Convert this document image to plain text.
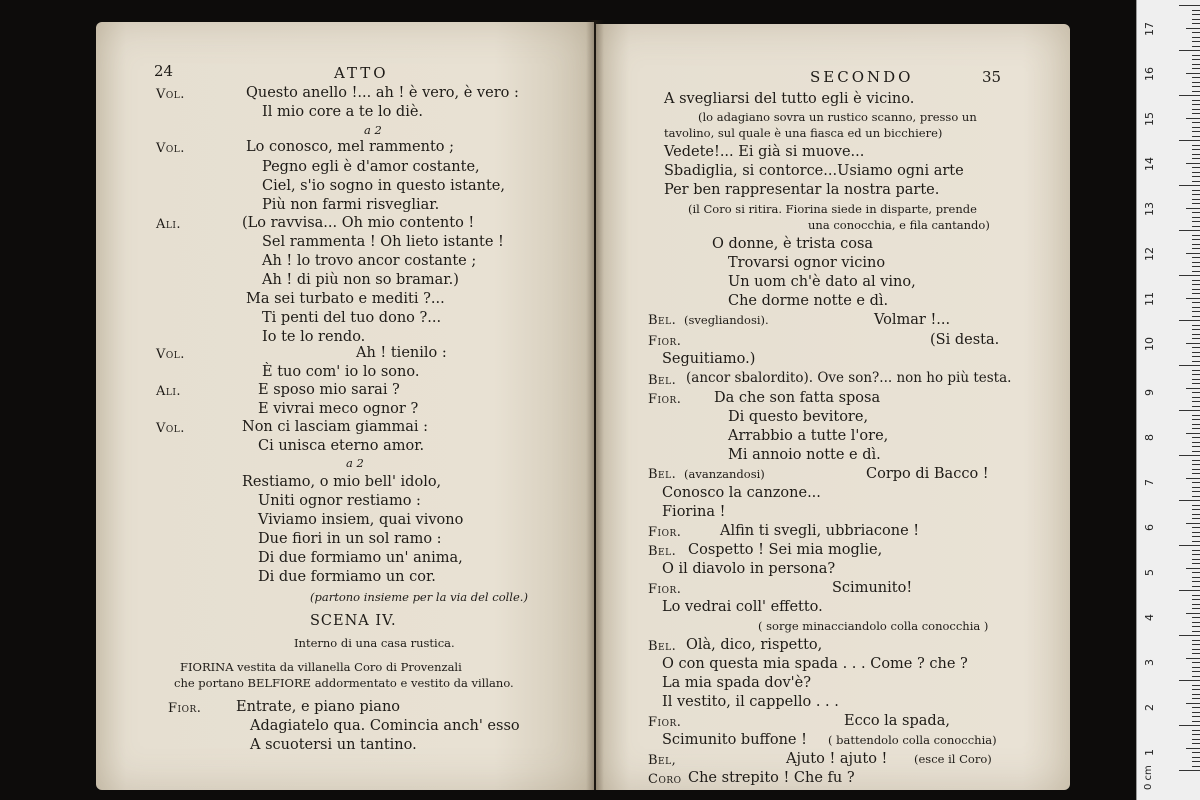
24	ATTO
Vol.	Questo anello !... ah ! è vero, è vero :
Il mio core a te lo diè.
a 2
Vol.	Lo conosco, mel rammento ;
Pegno egli è d'amor costante,
Ciel, s'io sogno in questo istante,
Più non farmi risvegliar.
Ali.	(Lo ravvisa... Oh mio contento !
Sel rammenta ! Oh lieto istante !
Ah ! lo trovo ancor costante ;
Ah ! di più non so bramar.)
Ma sei turbato e mediti ?...
Ti penti del tuo dono ?...
Io te lo rendo.
Vol.	Ah ! tienilo :
È tuo com' io lo sono.
Ali.	E sposo mio sarai ?
E vivrai meco ognor ?
Vol.	Non ci lasciam giammai :
Ci unisca eterno amor.
a 2
Restiamo, o mio bell' idolo,
Uniti ognor restiamo :
Viviamo insiem, quai vivono
Due fiori in un sol ramo :
Di due formiamo un' anima,
Di due formiamo un cor.
(partono insieme per la via del colle.)
SCENA IV.
Interno di una casa rustica.
FIORINA vestita da villanella Coro di Provenzali
che portano BELFIORE addormentato e vestito da villano.
Fior. Entrate, e piano piano
Adagiatelo qua. Comincia anch' esso
A scuotersi un tantino.
SECONDO	35
A svegliarsi del tutto egli è vicino.
(lo adagiano sovra un rustico scanno, presso un
tavolino, sul quale è una fiasca ed un bicchiere)
Vedete!... Ei già si muove...
Sbadiglia, si contorce...Usiamo ogni arte
Per ben rappresentar la nostra parte.
(il Coro si ritira. Fiorina siede in disparte, prende
una conocchia, e fila cantando)
O donne, è trista cosa
Trovarsi ognor vicino
Un uom ch'è dato al vino,
Che dorme notte e dì.
Bel. (svegliandosi).	Volmar !...
Fior.	(Si desta.
Seguitiamo.)
Bel. (ancor sbalordito). Ove son?... non ho più testa.
Fior. Da che son fatta sposa
Di questo bevitore,
Arrabbio a tutte l'ore,
Mi annoio notte e dì.
Bel. (avanzandosi)	Corpo di Bacco !
Conosco la canzone...
Fiorina !
Fior.	Alfin ti svegli, ubbriacone !
Bel. Cospetto ! Sei mia moglie,
O il diavolo in persona?
Fior.	Scimunito!
Lo vedrai coll' effetto.
( sorge minacciandolo colla conocchia )
Bel. Olà, dico, rispetto,
O con questa mia spada . . . Come ? che ?
La mia spada dov'è?
Il vestito, il cappello . . .
Fior.	Ecco la spada,
Scimunito buffone ! ( battendolo colla conocchia)
Bel,	Ajuto ! ajuto ! (esce il Coro)
Coro Che strepito ! Che fu ?	0 cm
1
2
3
4
5
6
7
8
9
10
11
12
13
14
15
16
17
